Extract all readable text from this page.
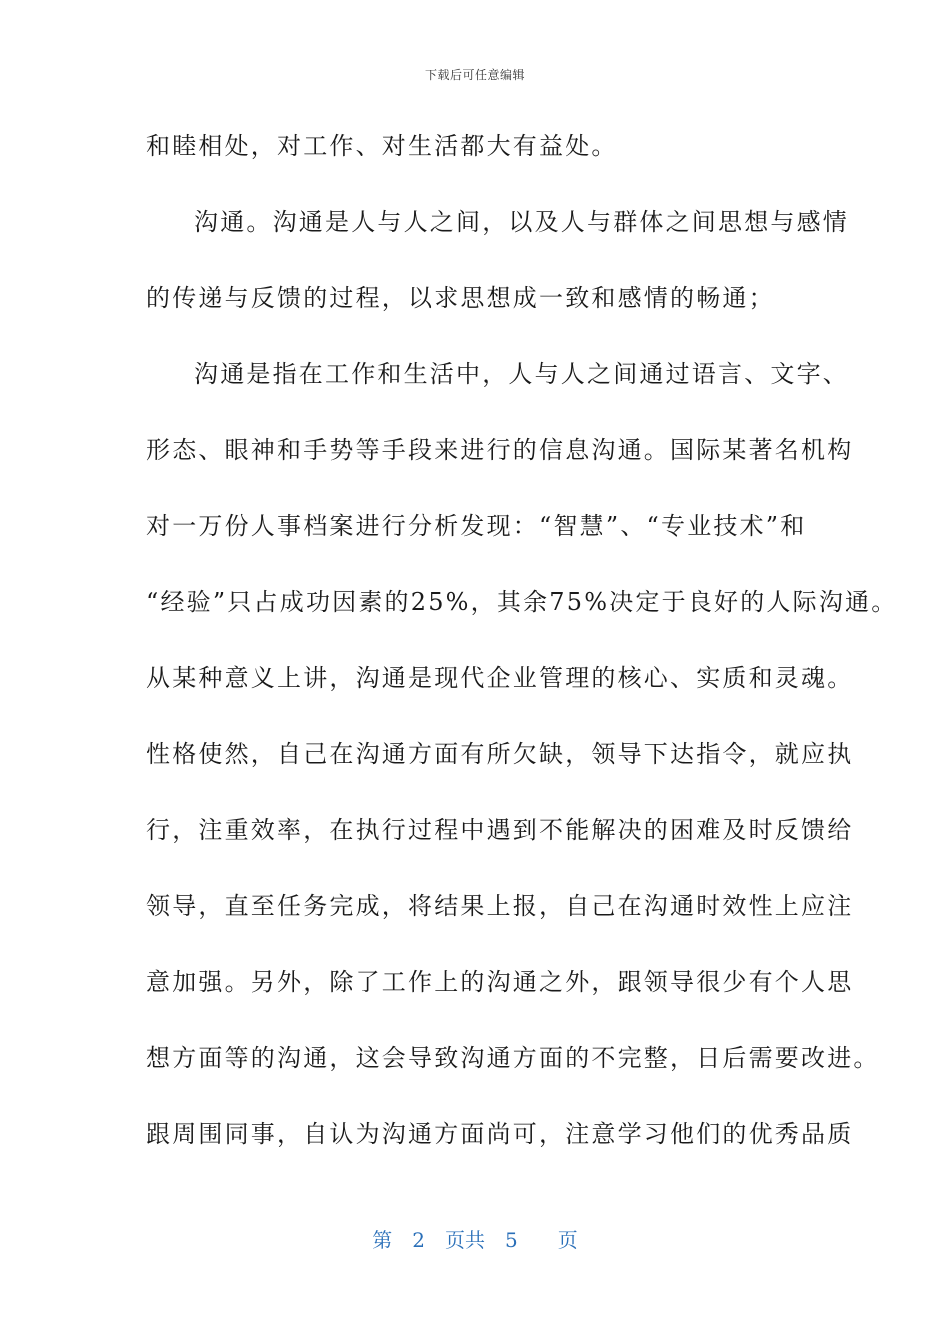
下载后可任意编辑
和睦相处，对工作、对生活都大有益处。
沟通。沟通是人与人之间，以及人与群体之间思想与感情
的传递与反馈的过程，以求思想成一致和感情的畅通；
沟通是指在工作和生活中，人与人之间通过语言、文字、
形态、眼神和手势等手段来进行的信息沟通。国际某著名机构
对一万份人事档案进行分析发现：“智慧”、“专业技术”和
“经验”只占成功因素的25%，其余75%决定于良好的人际沟通。
从某种意义上讲，沟通是现代企业管理的核心、实质和灵魂。
性格使然，自己在沟通方面有所欠缺，领导下达指令，就应执
行，注重效率，在执行过程中遇到不能解决的困难及时反馈给
领导，直至任务完成，将结果上报，自己在沟通时效性上应注
意加强。另外，除了工作上的沟通之外，跟领导很少有个人思
想方面等的沟通，这会导致沟通方面的不完整，日后需要改进。
跟周围同事，自认为沟通方面尚可，注意学习他们的优秀品质
第 2 页共 5 页
